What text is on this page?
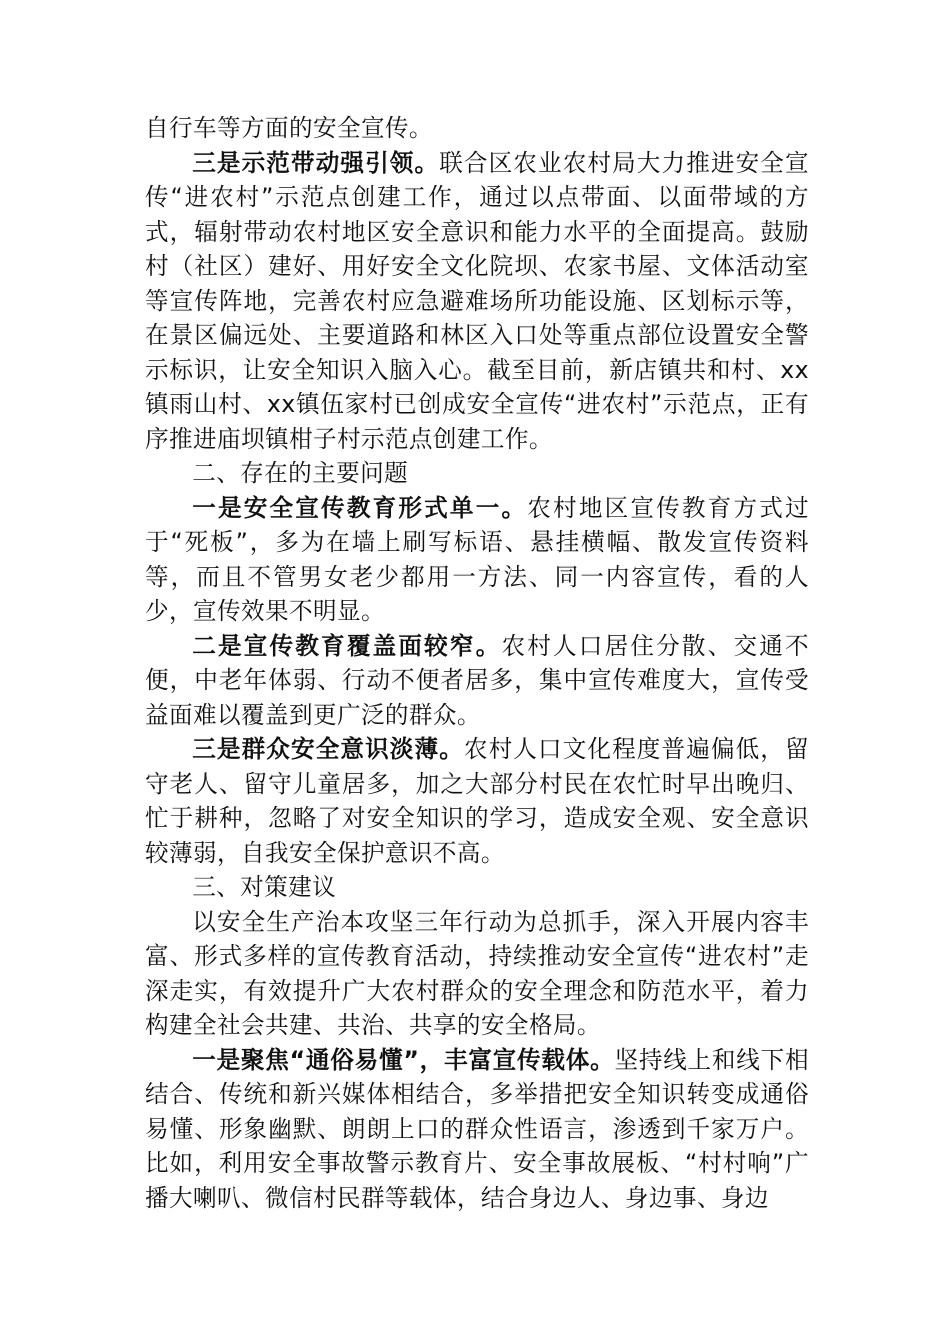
自行车等方面的安全宣传。

三是示范带动强引领。联合区农业农村局大力推进安全宣传“进农村”示范点创建工作，通过以点带面、以面带域的方式，辐射带动农村地区安全意识和能力水平的全面提高。鼓励村（社区）建好、用好安全文化院坝、农家书屋、文体活动室等宣传阵地，完善农村应急避难场所功能设施、区划标示等，在景区偏远处、主要道路和林区入口处等重点部位设置安全警示标识，让安全知识入脑入心。截至目前，新店镇共和村、xx镇雨山村、xx镇伍家村已创成安全宣传“进农村”示范点，正有序推进庙坝镇柑子村示范点创建工作。

二、存在的主要问题

一是安全宣传教育形式单一。农村地区宣传教育方式过于“死板”，多为在墙上刷写标语、悬挂横幅、散发宣传资料等，而且不管男女老少都用一方法、同一内容宣传，看的人少，宣传效果不明显。

二是宣传教育覆盖面较窄。农村人口居住分散、交通不便，中老年体弱、行动不便者居多，集中宣传难度大，宣传受益面难以覆盖到更广泛的群众。

三是群众安全意识淡薄。农村人口文化程度普遍偏低，留守老人、留守儿童居多，加之大部分村民在农忙时早出晚归、忙于耕种，忽略了对安全知识的学习，造成安全观、安全意识较薄弱，自我安全保护意识不高。

三、对策建议

以安全生产治本攻坚三年行动为总抓手，深入开展内容丰富、形式多样的宣传教育活动，持续推动安全宣传“进农村”走深走实，有效提升广大农村群众的安全理念和防范水平，着力构建全社会共建、共治、共享的安全格局。

一是聚焦“通俗易懂”，丰富宣传载体。坚持线上和线下相结合、传统和新兴媒体相结合，多举措把安全知识转变成通俗易懂、形象幽默、朗朗上口的群众性语言，渗透到千家万户。比如，利用安全事故警示教育片、安全事故展板、“村村响”广播大喇叭、微信村民群等载体，结合身边人、身边事、身边
